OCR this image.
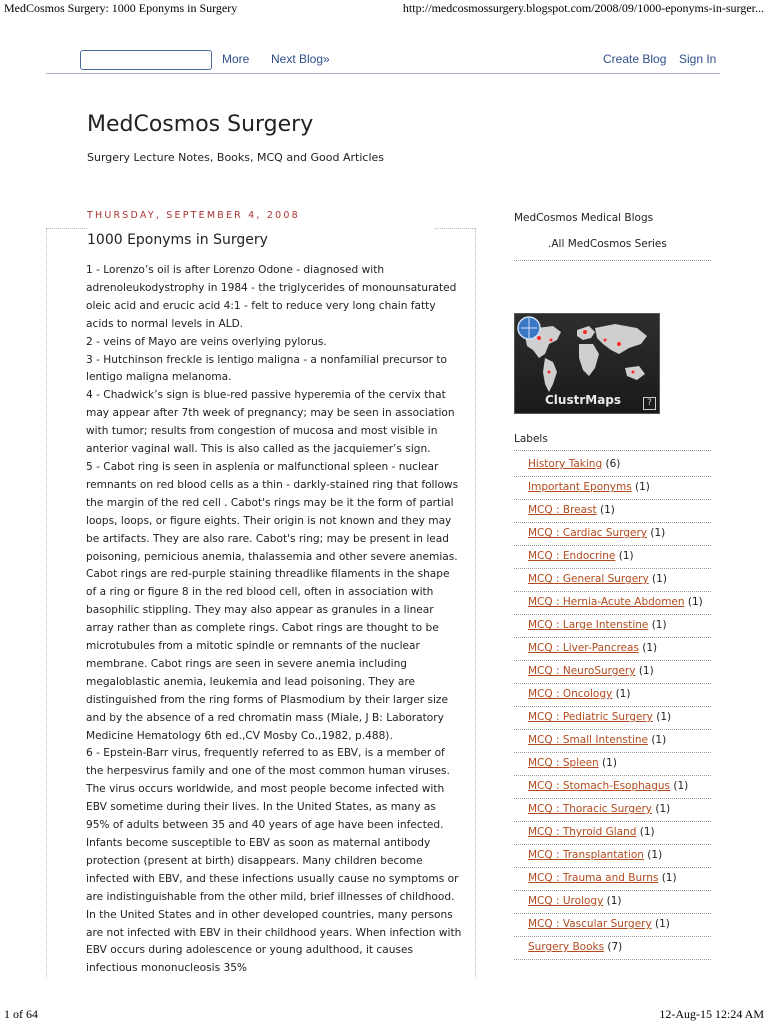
MedCosmos Surgery: 1000 Eponyms in Surgery	http://medcosmossurgery.blogspot.com/2008/09/1000-eponyms-in-surger...
More Next Blog»	Create Blog Sign In
MedCosmos Surgery
Surgery Lecture Notes, Books, MCQ and Good Articles
THURSDAY, SEPTEMBER 4, 2008
1000 Eponyms in Surgery
1 - Lorenzo’s oil is after Lorenzo Odone - diagnosed with adrenoleukodystrophy in 1984 - the triglycerides of monounsaturated oleic acid and erucic acid 4:1 - felt to reduce very long chain fatty acids to normal levels in ALD.
2 - veins of Mayo are veins overlying pylorus.
3 - Hutchinson freckle is lentigo maligna - a nonfamilial precursor to lentigo maligna melanoma.
4 - Chadwick’s sign is blue-red passive hyperemia of the cervix that may appear after 7th week of pregnancy; may be seen in association with tumor; results from congestion of mucosa and most visible in anterior vaginal wall. This is also called as the jacquiemer’s sign.
5 - Cabot ring is seen in asplenia or malfunctional spleen - nuclear remnants on red blood cells as a thin - darkly-stained ring that follows the margin of the red cell . Cabot's rings may be it the form of partial loops, loops, or figure eights. Their origin is not known and they may be artifacts. They are also rare. Cabot's ring; may be present in lead poisoning, pernicious anemia, thalassemia and other severe anemias. Cabot rings are red-purple staining threadlike filaments in the shape of a ring or figure 8 in the red blood cell, often in association with basophilic stippling. They may also appear as granules in a linear array rather than as complete rings. Cabot rings are thought to be microtubules from a mitotic spindle or remnants of the nuclear membrane. Cabot rings are seen in severe anemia including megaloblastic anemia, leukemia and lead poisoning. They are distinguished from the ring forms of Plasmodium by their larger size and by the absence of a red chromatin mass (Miale, J B: Laboratory Medicine Hematology 6th ed.,CV Mosby Co.,1982, p.488).
6 - Epstein-Barr virus, frequently referred to as EBV, is a member of the herpesvirus family and one of the most common human viruses. The virus occurs worldwide, and most people become infected with EBV sometime during their lives. In the United States, as many as 95% of adults between 35 and 40 years of age have been infected. Infants become susceptible to EBV as soon as maternal antibody protection (present at birth) disappears. Many children become infected with EBV, and these infections usually cause no symptoms or are indistinguishable from the other mild, brief illnesses of childhood. In the United States and in other developed countries, many persons are not infected with EBV in their childhood years. When infection with EBV occurs during adolescence or young adulthood, it causes infectious mononucleosis 35%
MedCosmos Medical Blogs
.All MedCosmos Series
ClustrMaps	?
Labels
History Taking (6)
Important Eponyms (1)
MCQ : Breast (1)
MCQ : Cardiac Surgery (1)
MCQ : Endocrine (1)
MCQ : General Surgery (1)
MCQ : Hernia-Acute Abdomen (1)
MCQ : Large Intenstine (1)
MCQ : Liver-Pancreas (1)
MCQ : NeuroSurgery (1)
MCQ : Oncology (1)
MCQ : Pediatric Surgery (1)
MCQ : Small Intenstine (1)
MCQ : Spleen (1)
MCQ : Stomach-Esophagus (1)
MCQ : Thoracic Surgery (1)
MCQ : Thyroid Gland (1)
MCQ : Transplantation (1)
MCQ : Trauma and Burns (1)
MCQ : Urology (1)
MCQ : Vascular Surgery (1)
Surgery Books (7)
1 of 64	12-Aug-15 12:24 AM
